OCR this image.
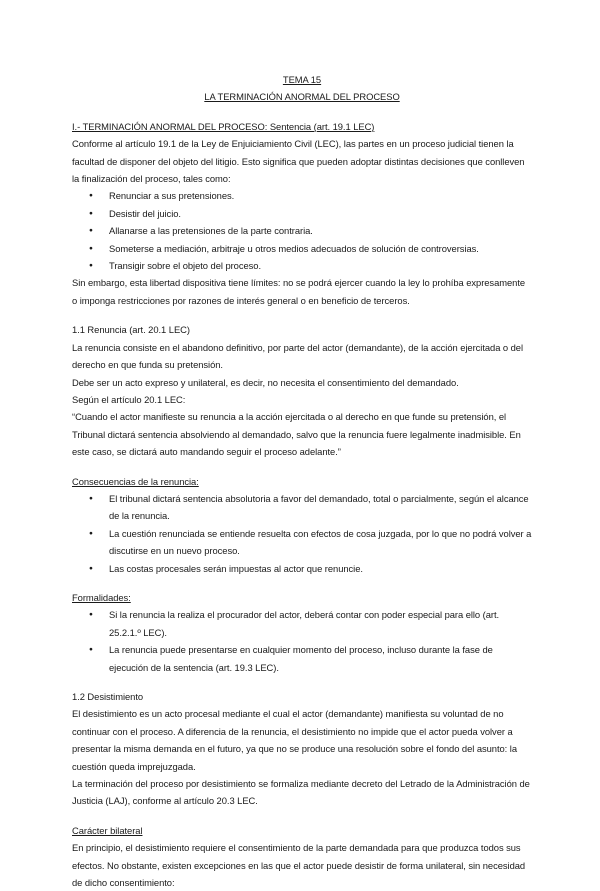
TEMA 15
LA TERMINACIÓN ANORMAL DEL PROCESO
I.- TERMINACIÓN ANORMAL DEL PROCESO: Sentencia (art. 19.1 LEC)

Conforme al artículo 19.1 de la Ley de Enjuiciamiento Civil (LEC), las partes en un proceso judicial tienen la facultad de disponer del objeto del litigio. Esto significa que pueden adoptar distintas decisiones que conlleven la finalización del proceso, tales como:

● Renunciar a sus pretensiones.
● Desistir del juicio.
● Allanarse a las pretensiones de la parte contraria.
● Someterse a mediación, arbitraje u otros medios adecuados de solución de controversias.
● Transigir sobre el objeto del proceso.

Sin embargo, esta libertad dispositiva tiene límites: no se podrá ejercer cuando la ley lo prohíba expresamente o imponga restricciones por razones de interés general o en beneficio de terceros.

1.1 Renuncia (art. 20.1 LEC)

La renuncia consiste en el abandono definitivo, por parte del actor (demandante), de la acción ejercitada o del derecho en que funda su pretensión.

Debe ser un acto expreso y unilateral, es decir, no necesita el consentimiento del demandado.

Según el artículo 20.1 LEC:

“Cuando el actor manifieste su renuncia a la acción ejercitada o al derecho en que funde su pretensión, el Tribunal dictará sentencia absolviendo al demandado, salvo que la renuncia fuere legalmente inadmisible. En este caso, se dictará auto mandando seguir el proceso adelante.”

Consecuencias de la renuncia:
● El tribunal dictará sentencia absolutoria a favor del demandado, total o parcialmente, según el alcance de la renuncia.
● La cuestión renunciada se entiende resuelta con efectos de cosa juzgada, por lo que no podrá volver a discutirse en un nuevo proceso.
● Las costas procesales serán impuestas al actor que renuncie.
Formalidades:
● Si la renuncia la realiza el procurador del actor, deberá contar con poder especial para ello (art. 25.2.1.º LEC).
● La renuncia puede presentarse en cualquier momento del proceso, incluso durante la fase de ejecución de la sentencia (art. 19.3 LEC).
1.2 Desistimiento

El desistimiento es un acto procesal mediante el cual el actor (demandante) manifiesta su voluntad de no continuar con el proceso. A diferencia de la renuncia, el desistimiento no impide que el actor pueda volver a presentar la misma demanda en el futuro, ya que no se produce una resolución sobre el fondo del asunto: la cuestión queda imprejuzgada.

La terminación del proceso por desistimiento se formaliza mediante decreto del Letrado de la Administración de Justicia (LAJ), conforme al artículo 20.3 LEC.

Carácter bilateral

En principio, el desistimiento requiere el consentimiento de la parte demandada para que produzca todos sus efectos. No obstante, existen excepciones en las que el actor puede desistir de forma unilateral, sin necesidad de dicho consentimiento:
